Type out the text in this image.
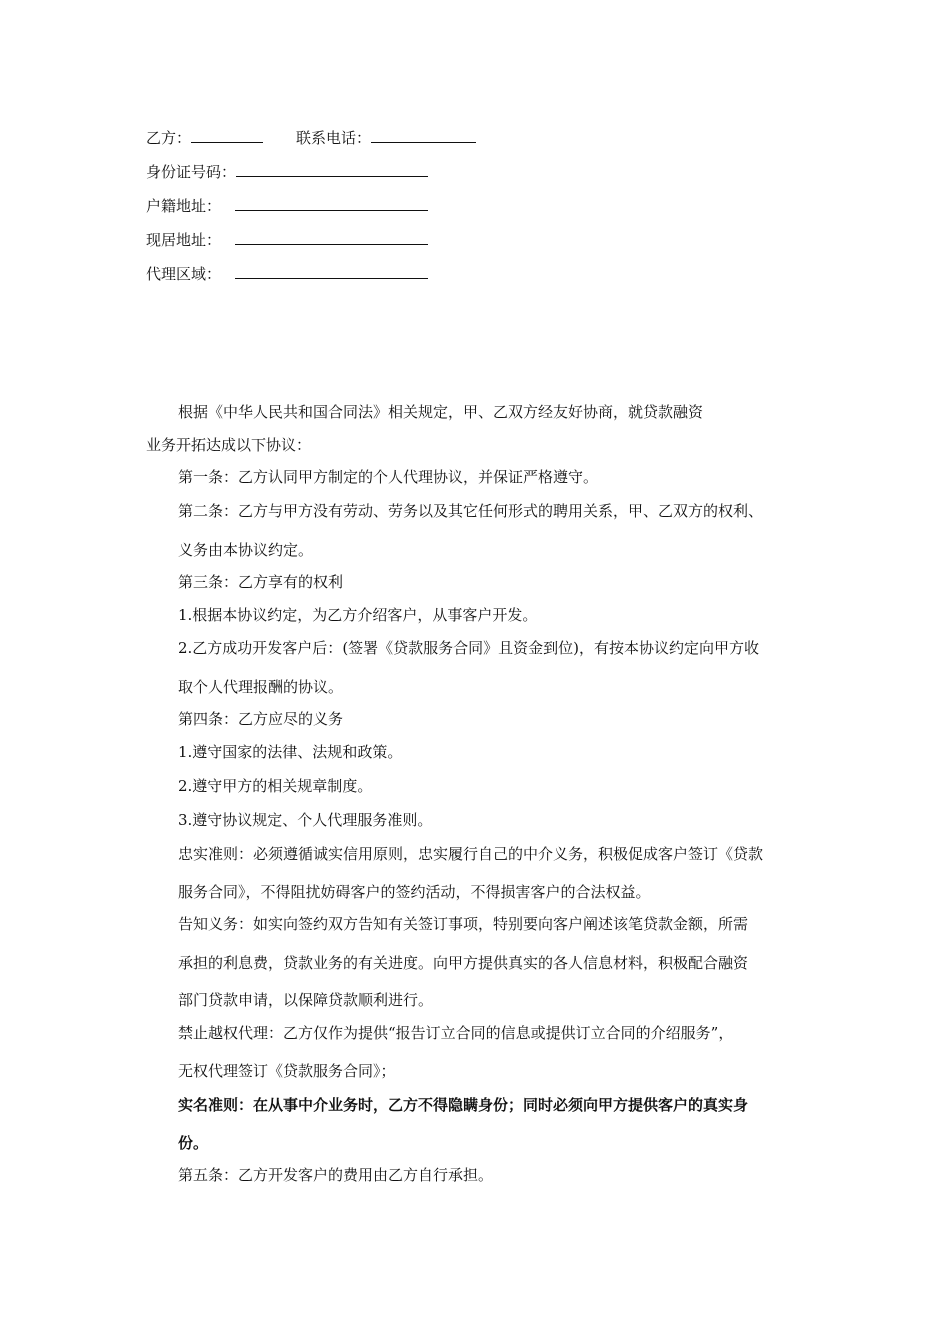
乙方：	联系电话：
身份证号码：
户籍地址：
现居地址：
代理区域：
根据《中华人民共和国合同法》相关规定，甲、乙双方经友好协商，就贷款融资
业务开拓达成以下协议：
第一条：乙方认同甲方制定的个人代理协议，并保证严格遵守。
第二条：乙方与甲方没有劳动、劳务以及其它任何形式的聘用关系，甲、乙双方的权利、
义务由本协议约定。
第三条：乙方享有的权利
1.根据本协议约定，为乙方介绍客户，从事客户开发。
2.乙方成功开发客户后：(签署《贷款服务合同》且资金到位)，有按本协议约定向甲方收
取个人代理报酬的协议。
第四条：乙方应尽的义务
1.遵守国家的法律、法规和政策。
2.遵守甲方的相关规章制度。
3.遵守协议规定、个人代理服务准则。
忠实准则：必须遵循诚实信用原则，忠实履行自己的中介义务，积极促成客户签订《贷款
服务合同》，不得阻扰妨碍客户的签约活动，不得损害客户的合法权益。
告知义务：如实向签约双方告知有关签订事项，特别要向客户阐述该笔贷款金额，所需
承担的利息费，贷款业务的有关进度。向甲方提供真实的各人信息材料，积极配合融资
部门贷款申请，以保障贷款顺利进行。
禁止越权代理：乙方仅作为提供“报告订立合同的信息或提供订立合同的介绍服务”，
无权代理签订《贷款服务合同》；
实名准则：在从事中介业务时，乙方不得隐瞒身份；同时必须向甲方提供客户的真实身
份。
第五条：乙方开发客户的费用由乙方自行承担。
